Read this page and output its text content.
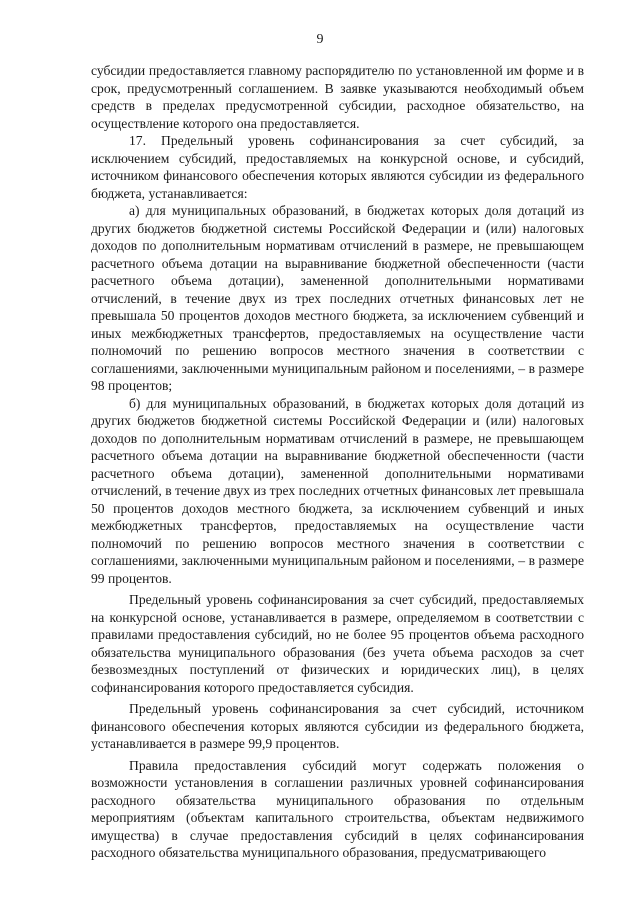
9

субсидии предоставляется главному распорядителю по установленной им форме и в срок, предусмотренный соглашением. В заявке указываются необходимый объем средств в пределах предусмотренной субсидии, расходное обязательство, на осуществление которого она предоставляется.

17. Предельный уровень софинансирования за счет субсидий, за исключением субсидий, предоставляемых на конкурсной основе, и субсидий, источником финансового обеспечения которых являются субсидии из федерального бюджета, устанавливается:

а) для муниципальных образований, в бюджетах которых доля дотаций из других бюджетов бюджетной системы Российской Федерации и (или) налоговых доходов по дополнительным нормативам отчислений в размере, не превышающем расчетного объема дотации на выравнивание бюджетной обеспеченности (части расчетного объема дотации), замененной дополнительными нормативами отчислений, в течение двух из трех последних отчетных финансовых лет не превышала 50 процентов доходов местного бюджета, за исключением субвенций и иных межбюджетных трансфертов, предоставляемых на осуществление части полномочий по решению вопросов местного значения в соответствии с соглашениями, заключенными муниципальным районом и поселениями, – в размере 98 процентов;

б) для муниципальных образований, в бюджетах которых доля дотаций из других бюджетов бюджетной системы Российской Федерации и (или) налоговых доходов по дополнительным нормативам отчислений в размере, не превышающем расчетного объема дотации на выравнивание бюджетной обеспеченности (части расчетного объема дотации), замененной дополнительными нормативами отчислений, в течение двух из трех последних отчетных финансовых лет превышала 50 процентов доходов местного бюджета, за исключением субвенций и иных межбюджетных трансфертов, предоставляемых на осуществление части полномочий по решению вопросов местного значения в соответствии с соглашениями, заключенными муниципальным районом и поселениями, – в размере 99 процентов.

Предельный уровень софинансирования за счет субсидий, предоставляемых на конкурсной основе, устанавливается в размере, определяемом в соответствии с правилами предоставления субсидий, но не более 95 процентов объема расходного обязательства муниципального образования (без учета объема расходов за счет безвозмездных поступлений от физических и юридических лиц), в целях софинансирования которого предоставляется субсидия.

Предельный уровень софинансирования за счет субсидий, источником финансового обеспечения которых являются субсидии из федерального бюджета, устанавливается в размере 99,9 процентов.

Правила предоставления субсидий могут содержать положения о возможности установления в соглашении различных уровней софинансирования расходного обязательства муниципального образования по отдельным мероприятиям (объектам капитального строительства, объектам недвижимого имущества) в случае предоставления субсидий в целях софинансирования расходного обязательства муниципального образования, предусматривающего
